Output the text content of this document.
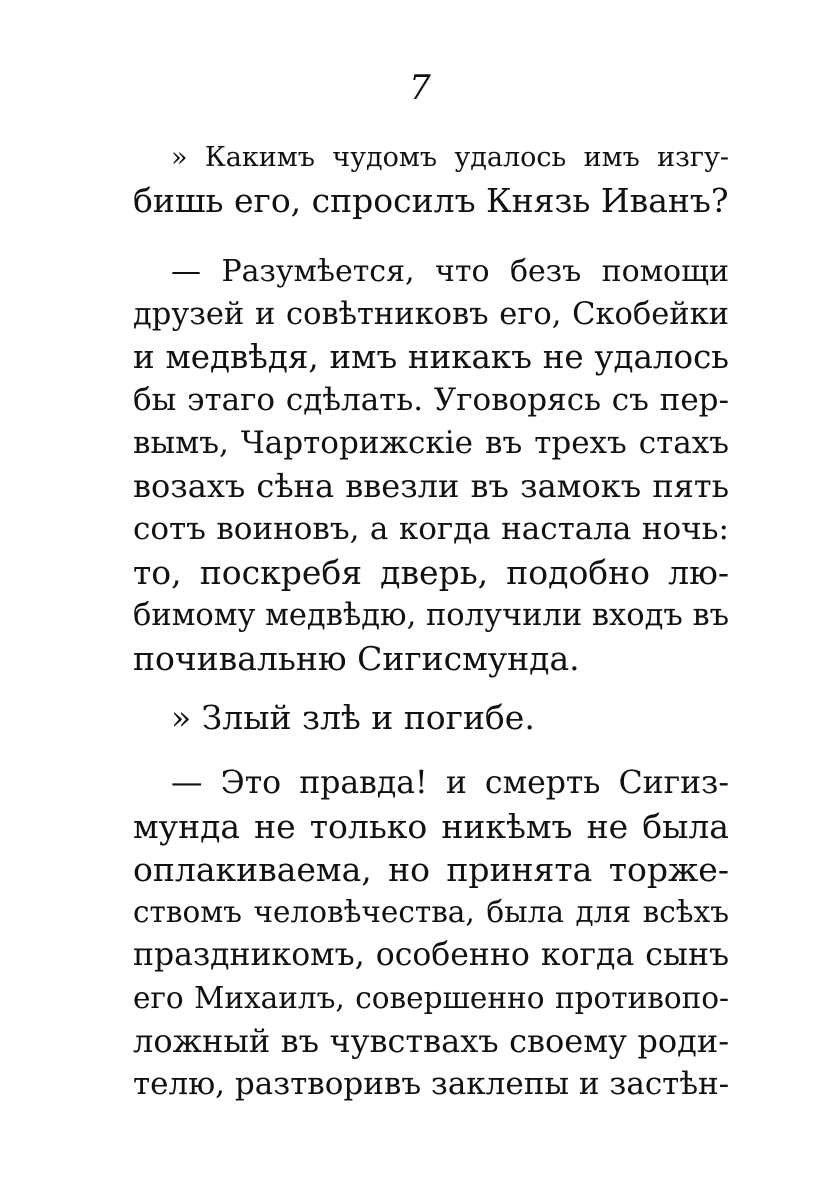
7
» Какимъ чудомъ удалось имъ изгу-
бишь его, спросилъ Князь Иванъ?
— Разумѣется, что безъ помощи
друзей и совѣтниковъ его, Скобейки
и медвѣдя, имъ никакъ не удалось
бы этаго сдѣлать. Уговорясь съ пер-
вымъ, Чарторижскіе въ трехъ стахъ
возахъ сѣна ввезли въ замокъ пять
сотъ воиновъ, а когда настала ночь:
то, поскребя дверь, подобно лю-
бимому медвѣдю, получили входъ въ
почивальню Сигисмунда.
» Злый злѣ и погибе.
— Это правда! и смерть Сигиз-
мунда не только никѣмъ не была
оплакиваема, но принята торже-
ствомъ человѣчества, была для всѣхъ
праздникомъ, особенно когда сынъ
его Михаилъ, совершенно противопо-
ложный въ чувствахъ своему роди-
телю, разтворивъ заклепы и застѣн-
